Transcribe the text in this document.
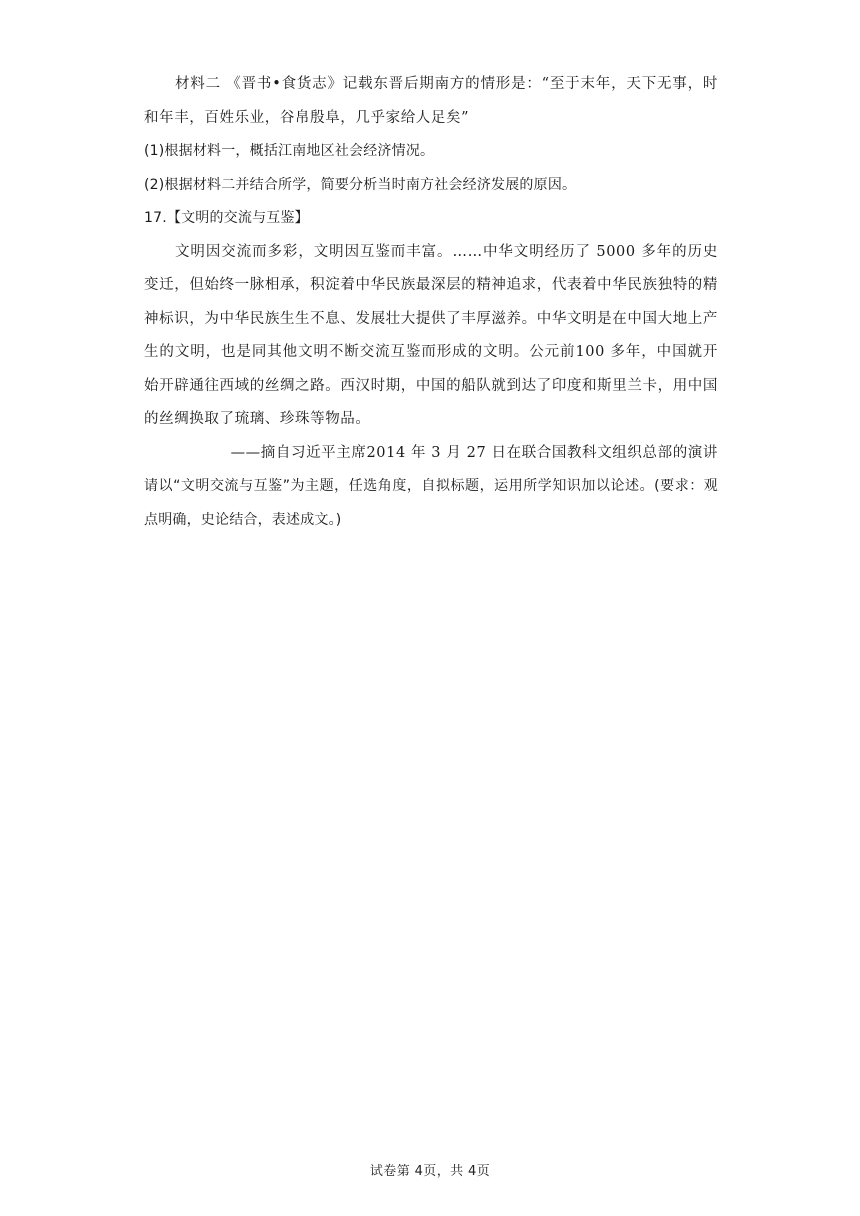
材料二 《晋书•食货志》记载东晋后期南方的情形是：“至于末年，天下无事，时和年丰，百姓乐业，谷帛殷阜，几乎家给人足矣”

(1)根据材料一，概括江南地区社会经济情况。

(2)根据材料二并结合所学，简要分析当时南方社会经济发展的原因。

17.【文明的交流与互鉴】

文明因交流而多彩，文明因互鉴而丰富。……中华文明经历了 5000 多年的历史变迁，但始终一脉相承，积淀着中华民族最深层的精神追求，代表着中华民族独特的精神标识，为中华民族生生不息、发展壮大提供了丰厚滋养。中华文明是在中国大地上产生的文明，也是同其他文明不断交流互鉴而形成的文明。公元前100 多年，中国就开始开辟通往西域的丝绸之路。西汉时期，中国的船队就到达了印度和斯里兰卡，用中国的丝绸换取了琉璃、珍珠等物品。

——摘自习近平主席2014 年 3 月 27 日在联合国教科文组织总部的演讲

请以“文明交流与互鉴”为主题，任选角度，自拟标题，运用所学知识加以论述。(要求：观点明确，史论结合，表述成文。)

试卷第 4页，共 4页
